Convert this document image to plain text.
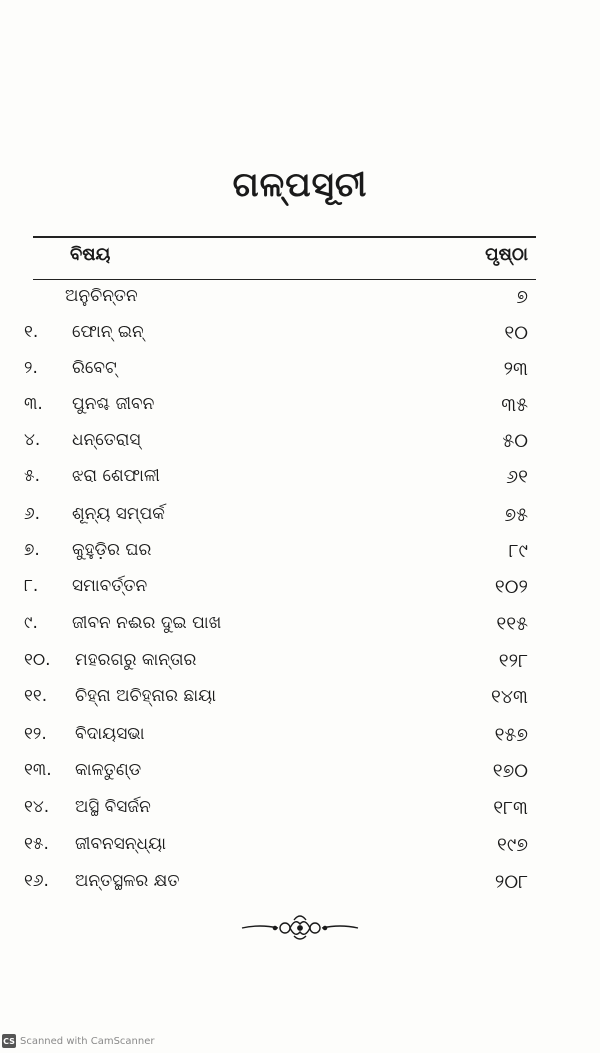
ଗଳ୍ପସୂଚୀ
ବିଷୟ	ପୃଷ୍ଠା
ଅନୁଚିନ୍ତନ	୭
୧. ଫୋନ୍ ଇନ୍	୧୦
୨. ରିବେଟ୍	୨୩
୩. ପୁନଶ୍ଚ ଜୀବନ	୩୫
୪. ଧନ୍ତେରାସ୍	୫୦
୫. ଝରା ଶେଫାଳୀ	୬୧
୬. ଶୂନ୍ୟ ସମ୍ପର୍କ	୭୫
୭. କୁହୁଡ଼ିର ଘର	୮୯
୮. ସମାବର୍ତ୍ତନ	୧୦୨
୯. ଜୀବନ ନଈର ଦୁଇ ପାଖ	୧୧୫
୧୦. ମହରଗରୁ କାନ୍ତାର	୧୨୮
୧୧. ଚିହ୍ନା ଅଚିହ୍ନାର ଛାୟା	୧୪୩
୧୨. ବିଦାୟସଭା	୧୫୭
୧୩. କାଳତୁଣ୍ଡ	୧୭୦
୧୪. ଅସ୍ଥି ବିସର୍ଜନ	୧୮୩
୧୫. ଜୀବନସନ୍ଧ୍ୟା	୧୯୭
୧୬. ଅନ୍ତସ୍ଥଳର କ୍ଷତ	୨୦୮
CS Scanned with CamScanner
